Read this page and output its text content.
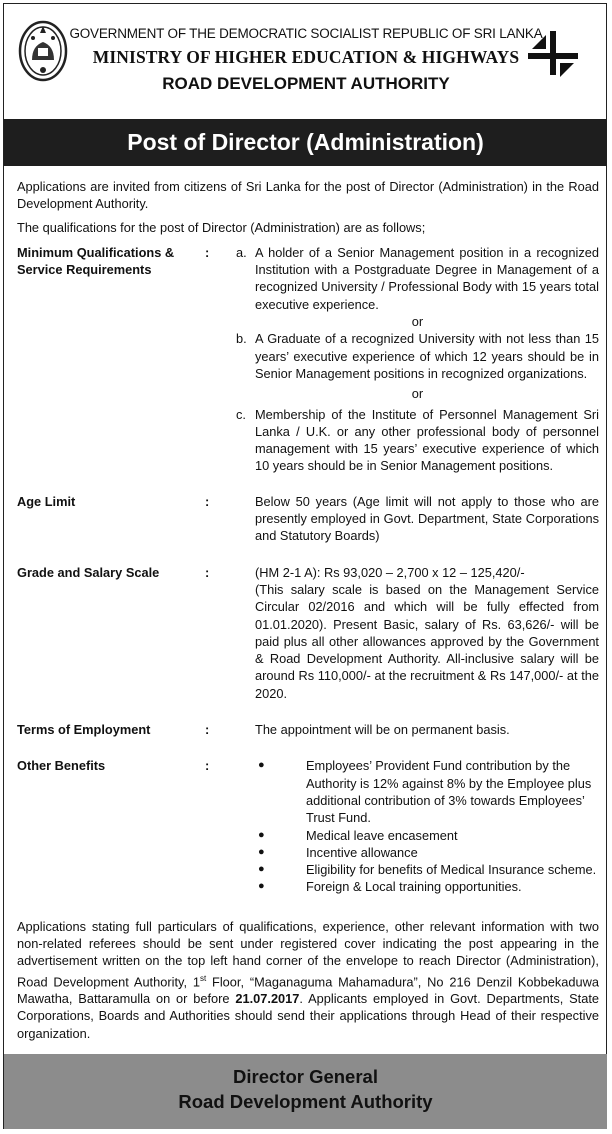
GOVERNMENT OF THE DEMOCRATIC SOCIALIST REPUBLIC OF SRI LANKA
MINISTRY OF HIGHER EDUCATION & HIGHWAYS
ROAD DEVELOPMENT AUTHORITY
Post of Director (Administration)

Applications are invited from citizens of Sri Lanka for the post of Director (Administration) in the Road Development Authority.

The qualifications for the post of Director (Administration) are as follows;

Minimum Qualifications &
Service Requirements
: a. A holder of a Senior Management position in a recognized Institution with a Postgraduate Degree in Management of a recognized University / Professional Body with 15 years total executive experience.
or
b. A Graduate of a recognized University with not less than 15 years’ executive experience of which 12 years should be in Senior Management positions in recognized organizations.
or
c. Membership of the Institute of Personnel Management Sri Lanka / U.K. or any other professional body of personnel management with 15 years’ executive experience of which 10 years should be in Senior Management positions.
Age Limit	:	Below 50 years (Age limit will not apply to those who are presently employed in Govt. Department, State Corporations and Statutory Boards)
Grade and Salary Scale	:	(HM 2-1 A): Rs 93,020 – 2,700 x 12 – 125,420/-
(This salary scale is based on the Management Service Circular 02/2016 and which will be fully effected from 01.01.2020). Present Basic, salary of Rs. 63,626/- will be paid plus all other allowances approved by the Government & Road Development Authority. All-inclusive salary will be around Rs 110,000/- at the recruitment & Rs 147,000/- at the 2020.
Terms of Employment	:	The appointment will be on permanent basis.
Other Benefits	:	●	Employees’ Provident Fund contribution by the Authority is 12% against 8% by the Employee plus additional contribution of 3% towards Employees’ Trust Fund.
●	Medical leave encasement
●	Incentive allowance
●	Eligibility for benefits of Medical Insurance scheme.
●	Foreign & Local training opportunities.

Applications stating full particulars of qualifications, experience, other relevant information with two non-related referees should be sent under registered cover indicating the post appearing in the advertisement written on the top left hand corner of the envelope to reach Director (Administration), Road Development Authority, 1st Floor, “Maganaguma Mahamadura”, No 216 Denzil Kobbekaduwa Mawatha, Battaramulla on or before 21.07.2017. Applicants employed in Govt. Departments, State Corporations, Boards and Authorities should send their applications through Head of their respective organization.

Director General
Road Development Authority
